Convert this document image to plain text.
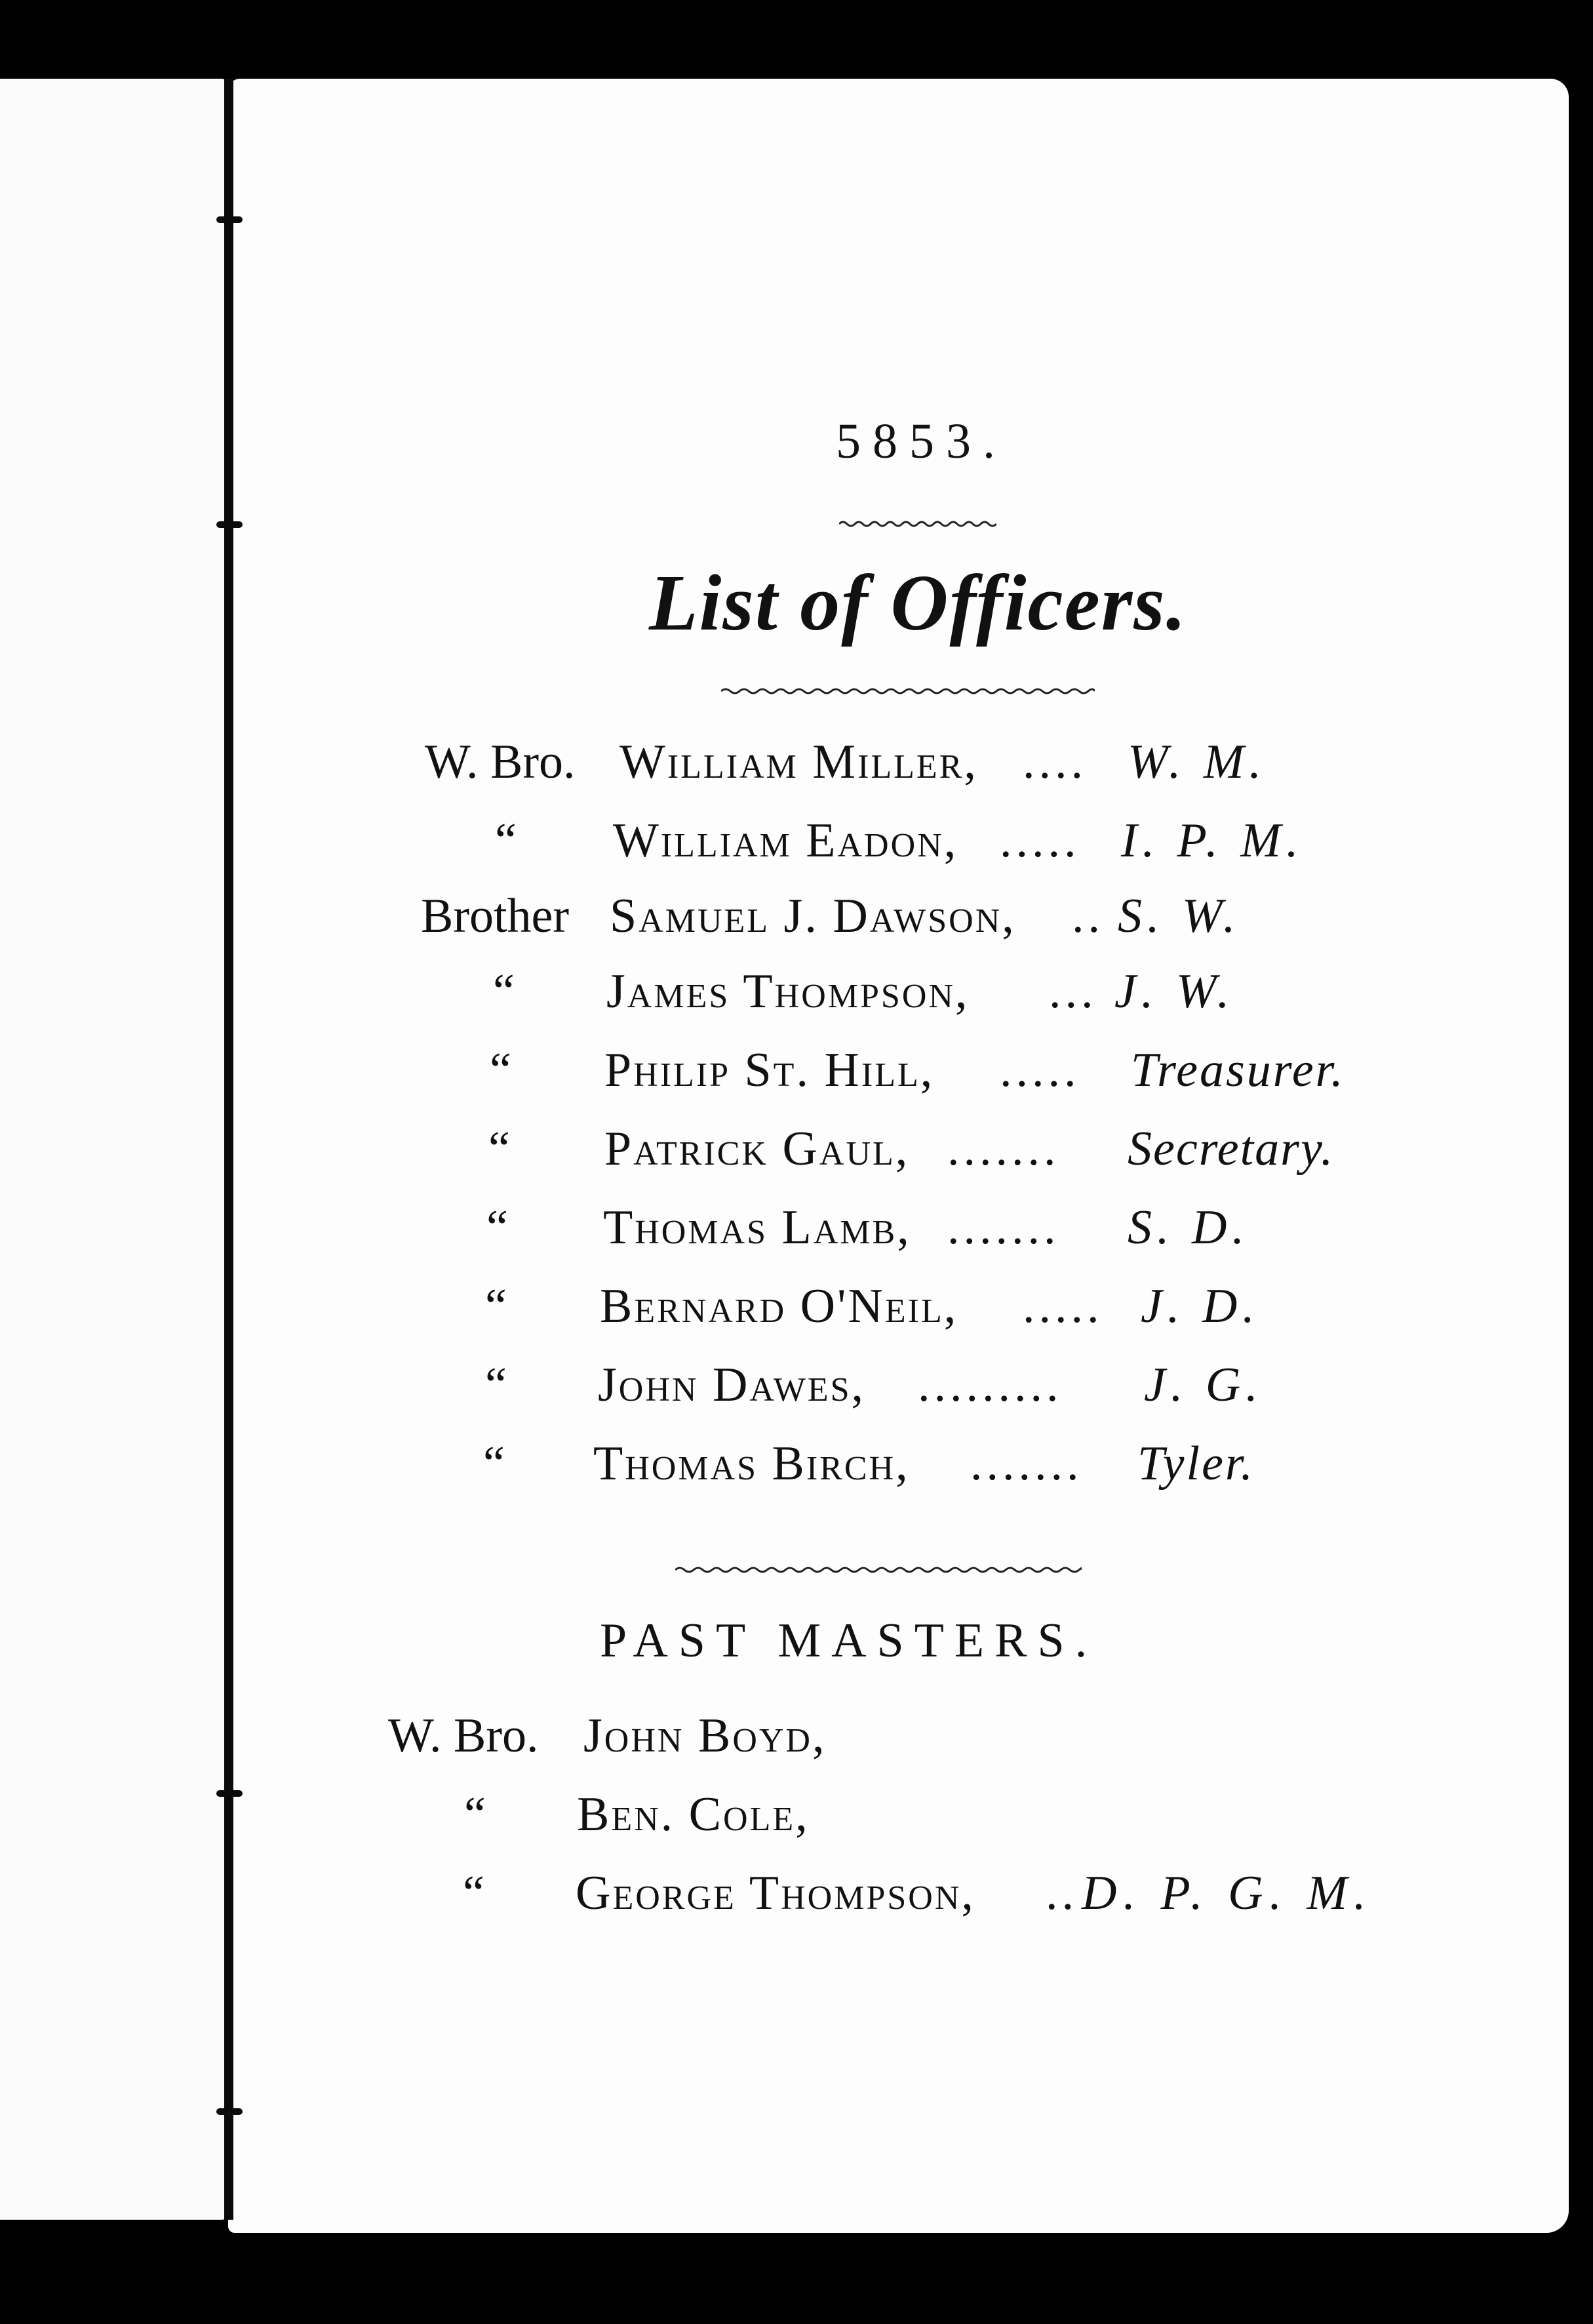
5853.
List of Officers.
W. Bro. William Miller, .... W. M.
“ William Eadon, ..... I. P. M.
Brother Samuel J. Dawson, .. S. W.
“ James Thompson, ... J. W.
“ Philip St. Hill, ..... Treasurer.
“ Patrick Gaul, ....... Secretary.
“ Thomas Lamb, ....... S. D.
“ Bernard O'Neil, ..... J. D.
“ John Dawes, ......... J. G.
“ Thomas Birch, ....... Tyler.
PAST MASTERS.
W. Bro. John Boyd,
“ Ben. Cole,
“ George Thompson, .. D. P. G. M.
